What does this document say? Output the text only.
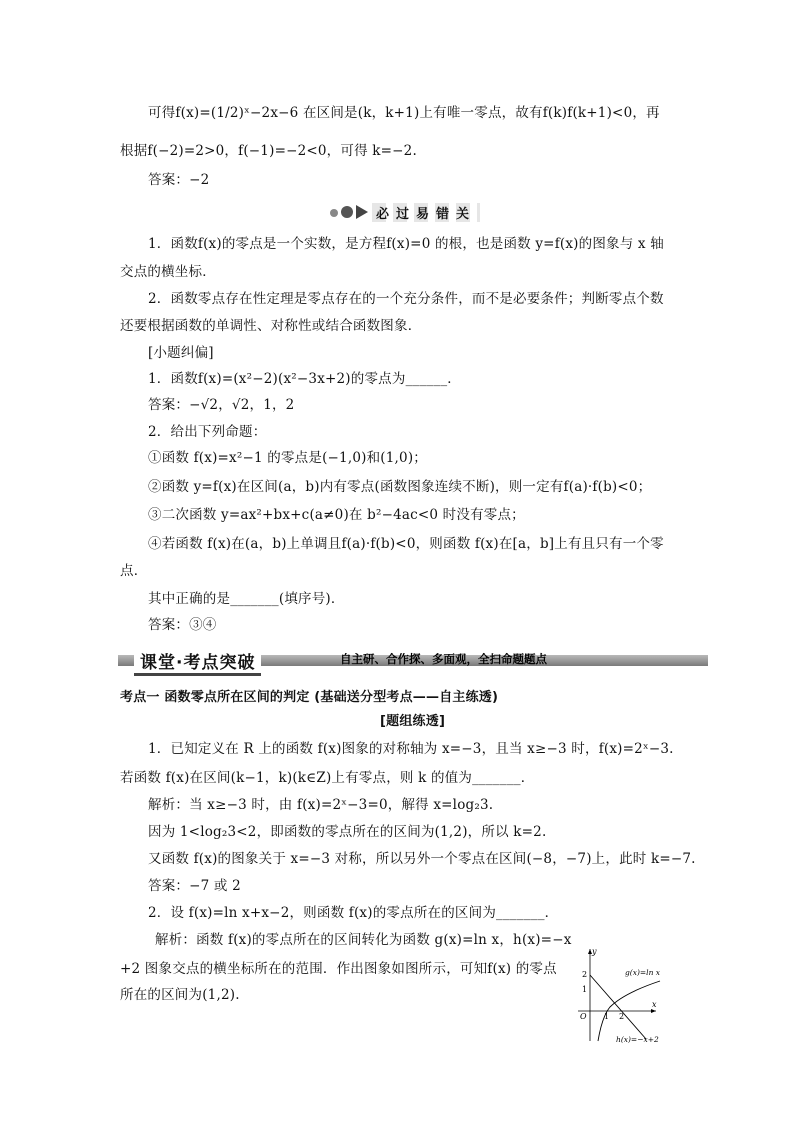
可得f(x)=(1/2)ˣ−2x−6 在区间是(k，k+1)上有唯一零点，故有f(k)f(k+1)<0，再
根据f(−2)=2>0，f(−1)=−2<0，可得 k=−2.
答案：−2
必过易错关
1．函数f(x)的零点是一个实数，是方程f(x)=0 的根，也是函数 y=f(x)的图象与 x 轴
交点的横坐标．
2．函数零点存在性定理是零点存在的一个充分条件，而不是必要条件；判断零点个数
还要根据函数的单调性、对称性或结合函数图象．
[小题纠偏]
1．函数f(x)=(x²−2)(x²−3x+2)的零点为______．
答案：−√2，√2，1，2
2．给出下列命题：
①函数 f(x)=x²−1 的零点是(−1,0)和(1,0)；
②函数 y=f(x)在区间(a，b)内有零点(函数图象连续不断)，则一定有f(a)·f(b)<0；
③二次函数 y=ax²+bx+c(a≠0)在 b²−4ac<0 时没有零点；
④若函数 f(x)在(a，b)上单调且f(a)·f(b)<0，则函数 f(x)在[a，b]上有且只有一个零
点．
其中正确的是_______(填序号)．
答案：③④
课堂·考点突破	自主研、合作探、多面观，全扫命题题点
考点一 函数零点所在区间的判定 (基础送分型考点——自主练透)
[题组练透]
1．已知定义在 R 上的函数 f(x)图象的对称轴为 x=−3，且当 x≥−3 时，f(x)=2ˣ−3.
若函数 f(x)在区间(k−1，k)(k∈Z)上有零点，则 k 的值为_______．
解析：当 x≥−3 时，由 f(x)=2ˣ−3=0，解得 x=log₂3.
因为 1<log₂3<2，即函数的零点所在的区间为(1,2)，所以 k=2.
又函数 f(x)的图象关于 x=−3 对称，所以另外一个零点在区间(−8，−7)上，此时 k=−7.
答案：−7 或 2
2．设 f(x)=ln x+x−2，则函数 f(x)的零点所在的区间为_______．
解析：函数 f(x)的零点所在的区间转化为函数 g(x)=ln x，h(x)=−x
+2 图象交点的横坐标所在的范围．作出图象如图所示，可知f(x) 的零点
所在的区间为(1,2).
y
x
O
2
1
1 2
g(x)=ln x
h(x)=−x+2
